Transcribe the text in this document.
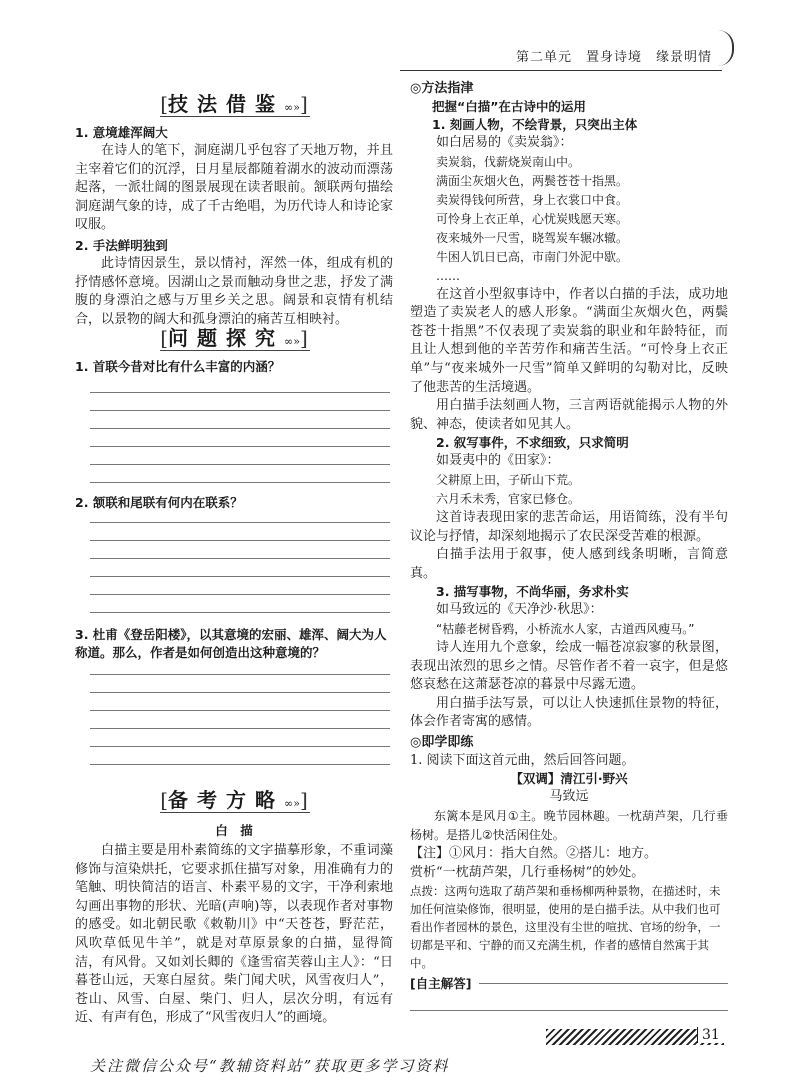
第二单元　置身诗境　缘景明情
[技法借鉴∞»]

1. 意境雄浑阔大

在诗人的笔下，洞庭湖几乎包容了天地万物，并且主宰着它们的沉浮，日月星辰都随着湖水的波动而漂荡起落，一派壮阔的图景展现在读者眼前。颔联两句描绘洞庭湖气象的诗，成了千古绝唱，为历代诗人和诗论家叹服。

2. 手法鲜明独到

此诗情因景生，景以情衬，浑然一体，组成有机的抒情感怀意境。因湖山之景而触动身世之悲，抒发了满腹的身漂泊之感与万里乡关之思。阔景和哀情有机结合，以景物的阔大和孤身漂泊的痛苦互相映衬。

[问题探究∞»]
1. 首联今昔对比有什么丰富的内涵？
2. 颔联和尾联有何内在联系？
3. 杜甫《登岳阳楼》，以其意境的宏丽、雄浑、阔大为人称道。那么，作者是如何创造出这种意境的？
[备考方略∞»]
白　描

白描主要是用朴素简练的文字描摹形象，不重词藻修饰与渲染烘托，它要求抓住描写对象，用准确有力的笔触、明快简洁的语言、朴素平易的文字，干净利索地勾画出事物的形状、光暗(声响)等，以表现作者对事物的感受。如北朝民歌《敕勒川》中“天苍苍，野茫茫，风吹草低见牛羊”，就是对草原景象的白描，显得简洁，有风骨。又如刘长卿的《逢雪宿芙蓉山主人》：“日暮苍山远，天寒白屋贫。柴门闻犬吠，风雪夜归人”，苍山、风雪、白屋、柴门、归人，层次分明，有远有近、有声有色，形成了“风雪夜归人”的画境。

◎方法指津

把握“白描”在古诗中的运用

1. 刻画人物，不绘背景，只突出主体

如白居易的《卖炭翁》：

卖炭翁，伐薪烧炭南山中。

满面尘灰烟火色，两鬓苍苍十指黑。

卖炭得钱何所营，身上衣裳口中食。

可怜身上衣正单，心忧炭贱愿天寒。

夜来城外一尺雪，晓驾炭车辗冰辙。

牛困人饥日已高，市南门外泥中歇。

……

在这首小型叙事诗中，作者以白描的手法，成功地塑造了卖炭老人的感人形象。“满面尘灰烟火色，两鬓苍苍十指黑”不仅表现了卖炭翁的职业和年龄特征，而且让人想到他的辛苦劳作和痛苦生活。“可怜身上衣正单”与“夜来城外一尺雪”简单又鲜明的勾勒对比，反映了他悲苦的生活境遇。

用白描手法刻画人物，三言两语就能揭示人物的外貌、神态，使读者如见其人。

2. 叙写事件，不求细致，只求简明

如聂夷中的《田家》：

父耕原上田，子斫山下荒。

六月禾未秀，官家已修仓。

这首诗表现田家的悲苦命运，用语简练，没有半句议论与抒情，却深刻地揭示了农民深受苦难的根源。

白描手法用于叙事，使人感到线条明晰，言简意真。

3. 描写事物，不尚华丽，务求朴实

如马致远的《天净沙·秋思》：

“枯藤老树昏鸦，小桥流水人家，古道西风瘦马。”

诗人连用九个意象，绘成一幅苍凉寂寥的秋景图，表现出浓烈的思乡之情。尽管作者不着一哀字，但是悠悠哀愁在这萧瑟苍凉的暮景中尽露无遗。

用白描手法写景，可以让人快速抓住景物的特征，体会作者寄寓的感情。

◎即学即练

1. 阅读下面这首元曲，然后回答问题。

【双调】清江引·野兴

马致远

东篱本是风月①主。晚节园林趣。一枕葫芦架，几行垂杨树。是搭儿②快活闲住处。

【注】①风月：指大自然。②搭儿：地方。

赏析“一枕葫芦架，几行垂杨树”的妙处。

点拨：这两句选取了葫芦架和垂杨柳两种景物，在描述时，未加任何渲染修饰，很明显，使用的是白描手法。从中我们也可看出作者园林的景色，这里没有尘世的喧扰、官场的纷争，一切都是平和、宁静的而又充满生机，作者的感情自然寓于其中。

[自主解答]
31
关注微信公众号“教辅资料站”获取更多学习资料
